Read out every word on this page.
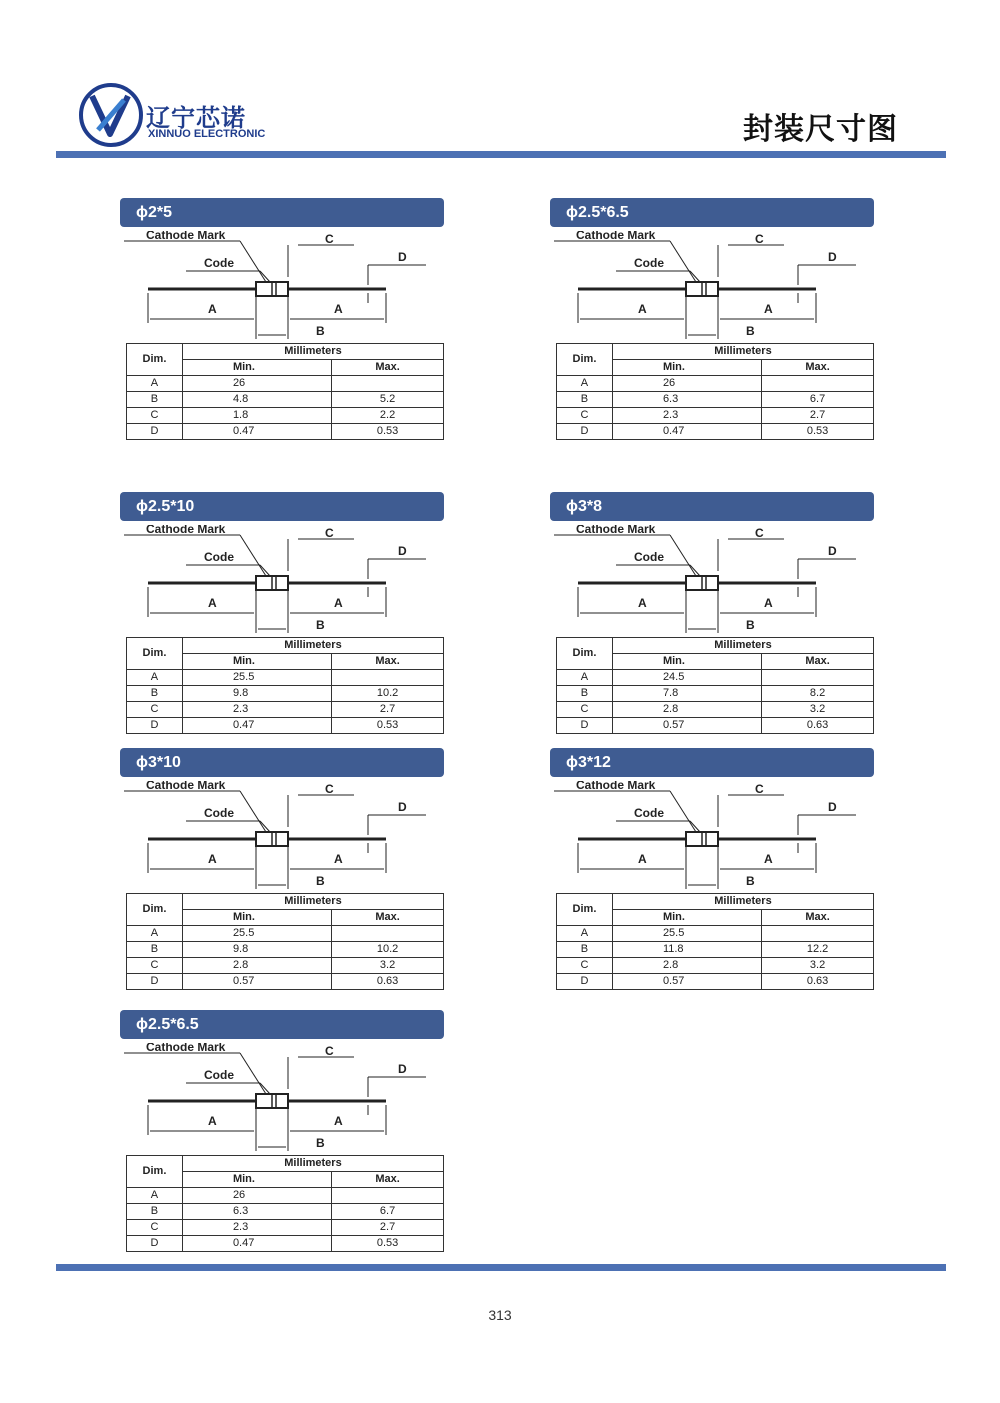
辽宁芯诺
XINNUO ELECTRONIC	封装尺寸图
ϕ2*5
Cathode Mark
Code
C
D
A	A
B
Dim.	Millimeters	
	Min.	Max.
A	26	
B	4.8	5.2
C	1.8	2.2
D	0.47	0.53
ϕ2.5*6.5
Cathode Mark
Code
C
D
A	A
B
Dim.	Millimeters	
	Min.	Max.
A	26	
B	6.3	6.7
C	2.3	2.7
D	0.47	0.53
ϕ2.5*10
Cathode Mark
Code
C
D
A	A
B
Dim.	Millimeters	
	Min.	Max.
A	25.5	
B	9.8	10.2
C	2.3	2.7
D	0.47	0.53
ϕ3*8
Cathode Mark
Code
C
D
A	A
B
Dim.	Millimeters	
	Min.	Max.
A	24.5	
B	7.8	8.2
C	2.8	3.2
D	0.57	0.63
ϕ3*10
Cathode Mark
Code
C
D
A	A
B
Dim.	Millimeters	
	Min.	Max.
A	25.5	
B	9.8	10.2
C	2.8	3.2
D	0.57	0.63
ϕ3*12
Cathode Mark
Code
C
D
A	A
B
Dim.	Millimeters	
	Min.	Max.
A	25.5	
B	11.8	12.2
C	2.8	3.2
D	0.57	0.63
ϕ2.5*6.5
Cathode Mark
Code
C
D
A	A
B
Dim.	Millimeters	
	Min.	Max.
A	26	
B	6.3	6.7
C	2.3	2.7
D	0.47	0.53
313
